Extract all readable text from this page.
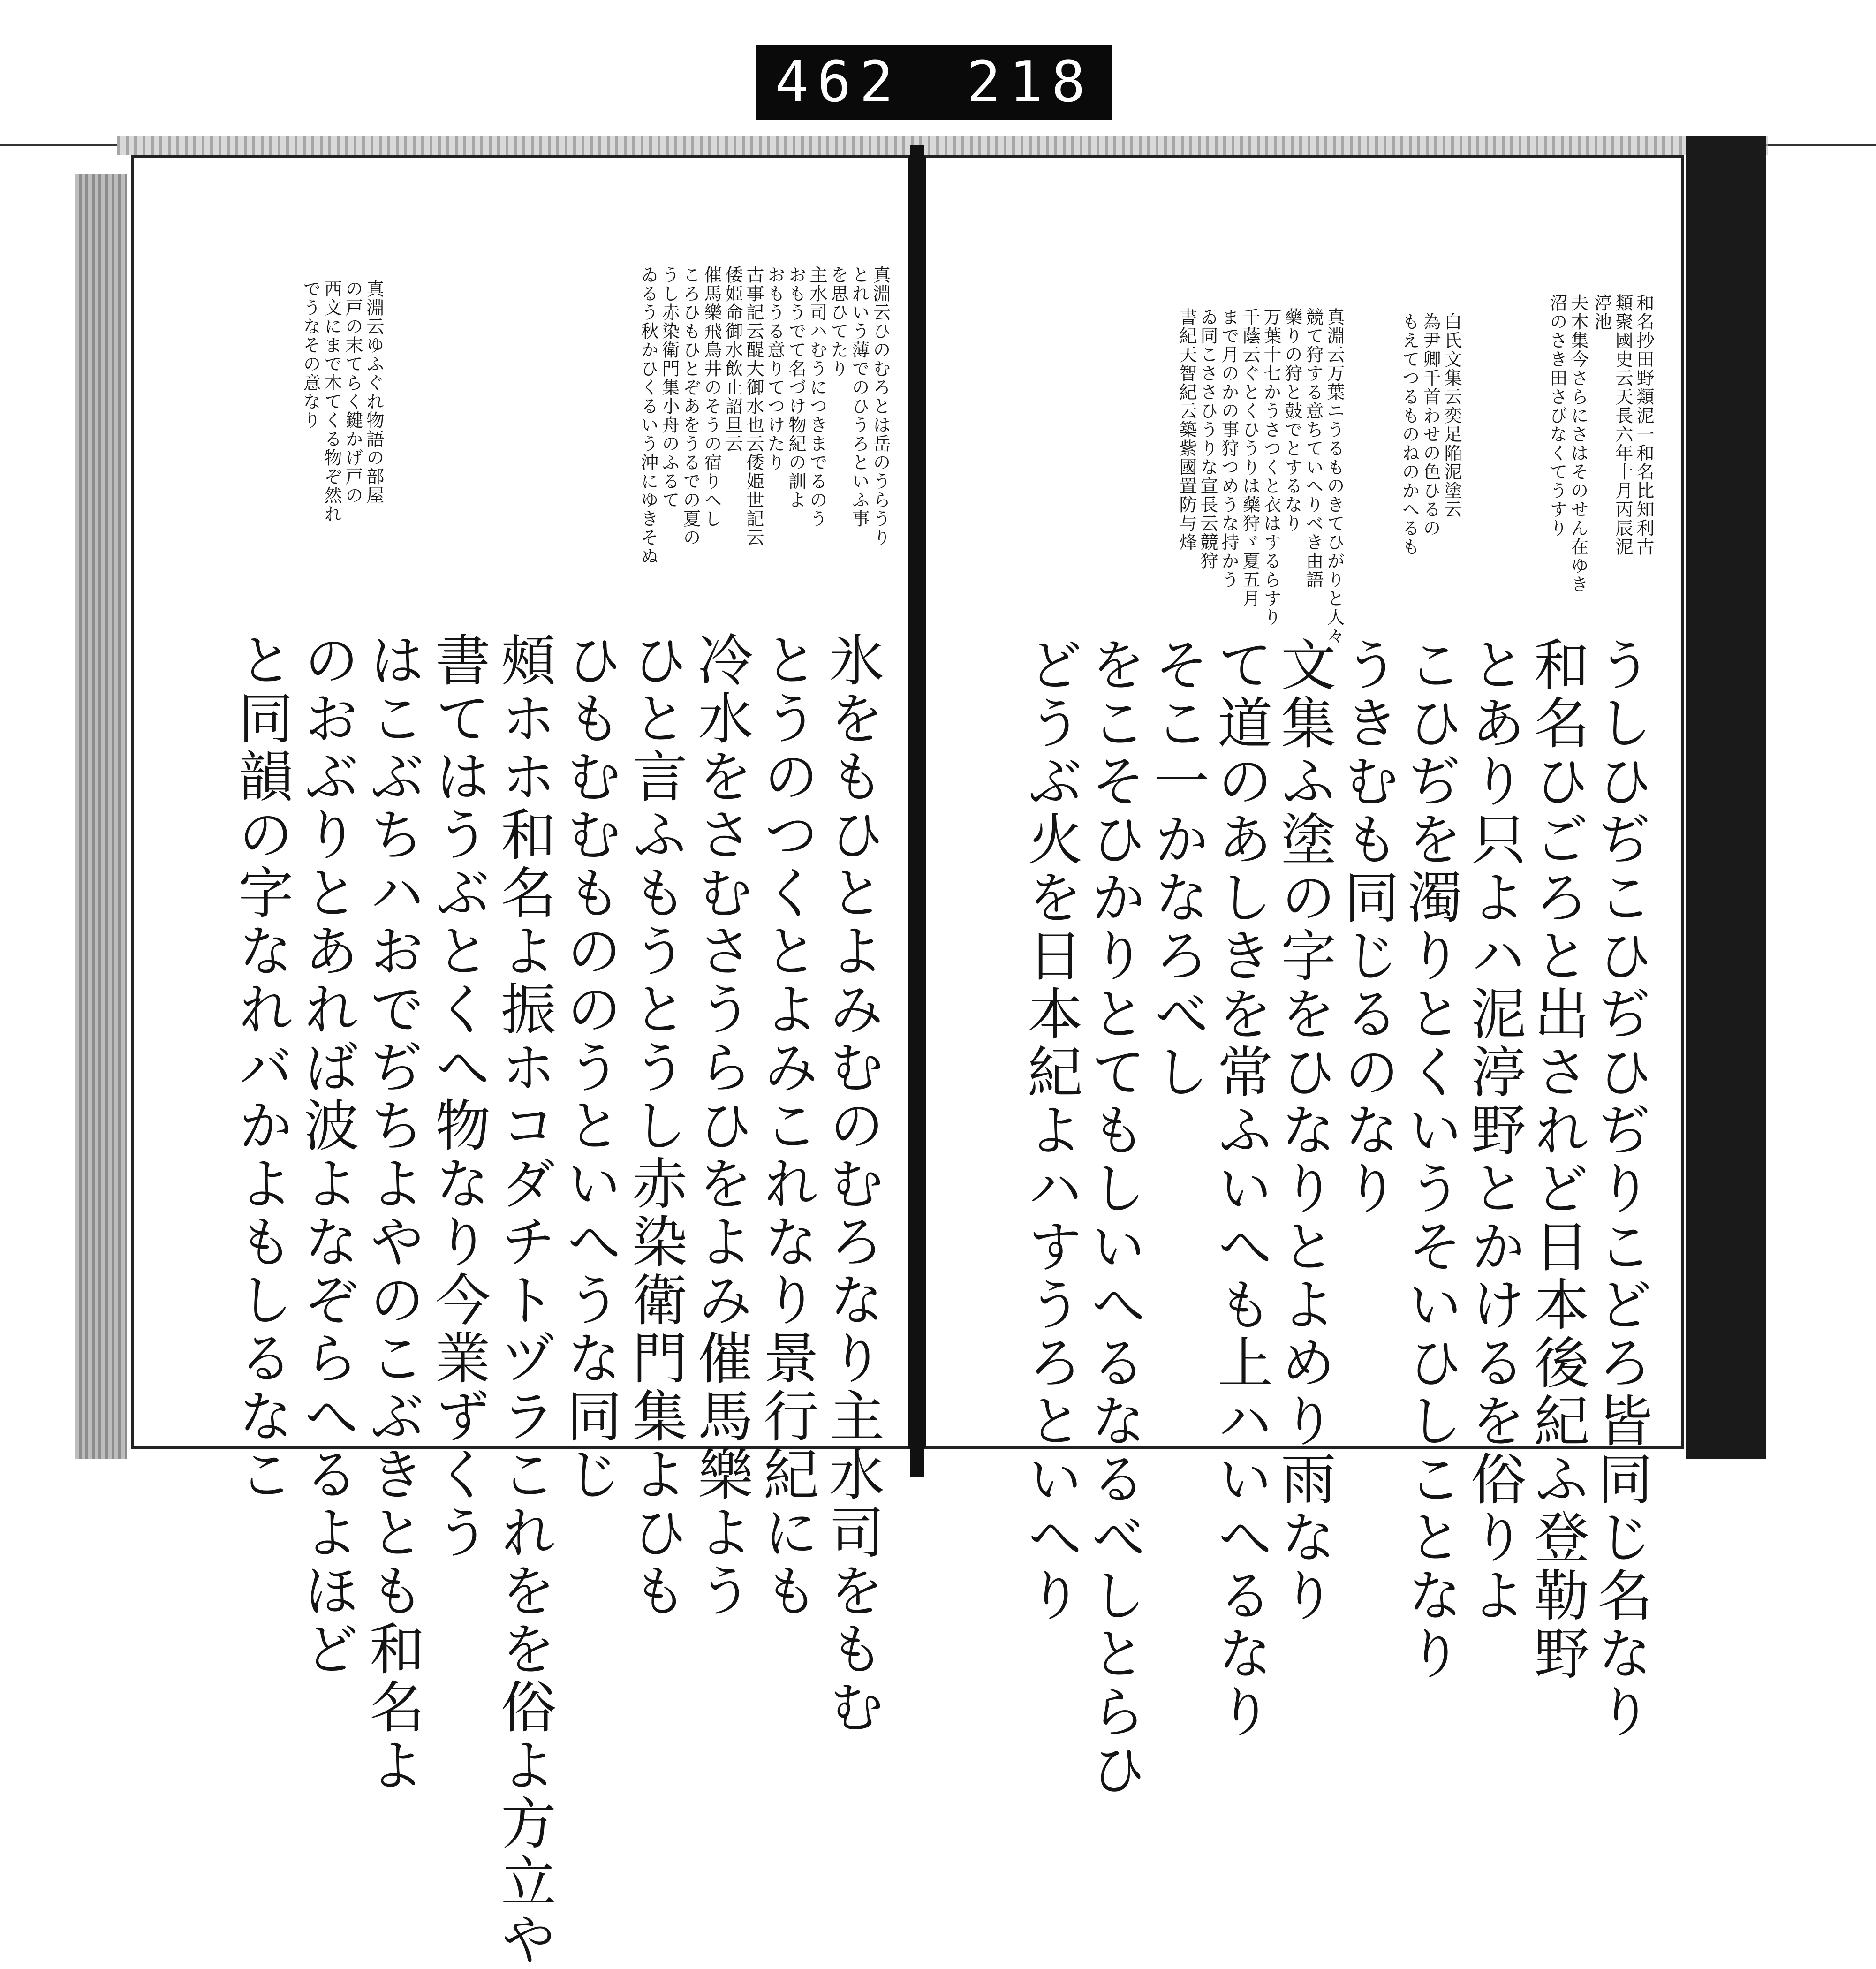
462 218
氷をもひとよみむのむろなり主水司をもむ
とうのつくとよみこれなり景行紀にも
冷水をさむさうらひをよみ催馬樂よう
ひと言ふもうとうし赤染衛門集よひも
ひもむむもののうといへうな同じ
頰ホホ和名よ振ホコダチトヅラこれをを俗よ方立や
書てはうぶとくへ物なり今業ずくう
はこぶちハおでぢちよやのこぶきとも和名よ
のおぶりとあれば波よなぞらへるよほど
と同韻の字なれバかよもしるなこ
真淵云ひのむろとは岳のうらうり
とれいう薄でのひうろといふ事
を思ひてたり
主水司ハむうにつきまでるのう
おもうでて名づけ物紀の訓よ
おもうる意りてつけたり
古事記云醍大御水也云倭姫世記云
倭姫命御水飲止詔旦云
催馬樂飛鳥井のそうの宿りへし
ころひもひとぞあをうるでの夏の
うし赤染衛門集小舟のふるて
ゐるう秋かひくるいう沖にゆきそぬ
真淵云ゆふぐれ物語の部屋
の戸の末てらく鍵かげ戸の
西文にまで木てくる物ぞ然れ
でうなその意なり
うしひぢこひぢひぢりこどろ皆同じ名なり
和名ひごろと出されど日本後紀ふ登勒野
とあり只よハ泥渟野とかけるを俗りよ
こひぢを濁りとくいうそいひしことなり
うきむも同じるのなり
文集ふ塗の字をひなりとよめり雨なり
て道のあしきを常ふいへも上ハいへるなり
そこ一かなろべし
をこそひかりとてもしいへるなるべしとらひ
どうぶ火を日本紀よハすうろといへり
和名抄田野類泥一和名比知利古
類聚國史云天長六年十月丙辰泥
渟池
夫木集今さらにさはそのせん在ゆき
沼のさき田さびなくてうすり
白氏文集云奕足陥泥塗云
為尹卿千首わせの色ひるの
もえてつるものねのかへるも
真淵云万葉ニうるものきてひがりと人々
競て狩する意ちていへりべき由語
藥りの狩と鼓でとするなり
万葉十七かうさつくと衣はするらすり
千蔭云ぐとくひうりは藥狩ゞ夏五月
まで月のかの事狩つめうな持かう
ゐ同こささひうりな宣長云競狩
書紀天智紀云築紫國置防与烽
